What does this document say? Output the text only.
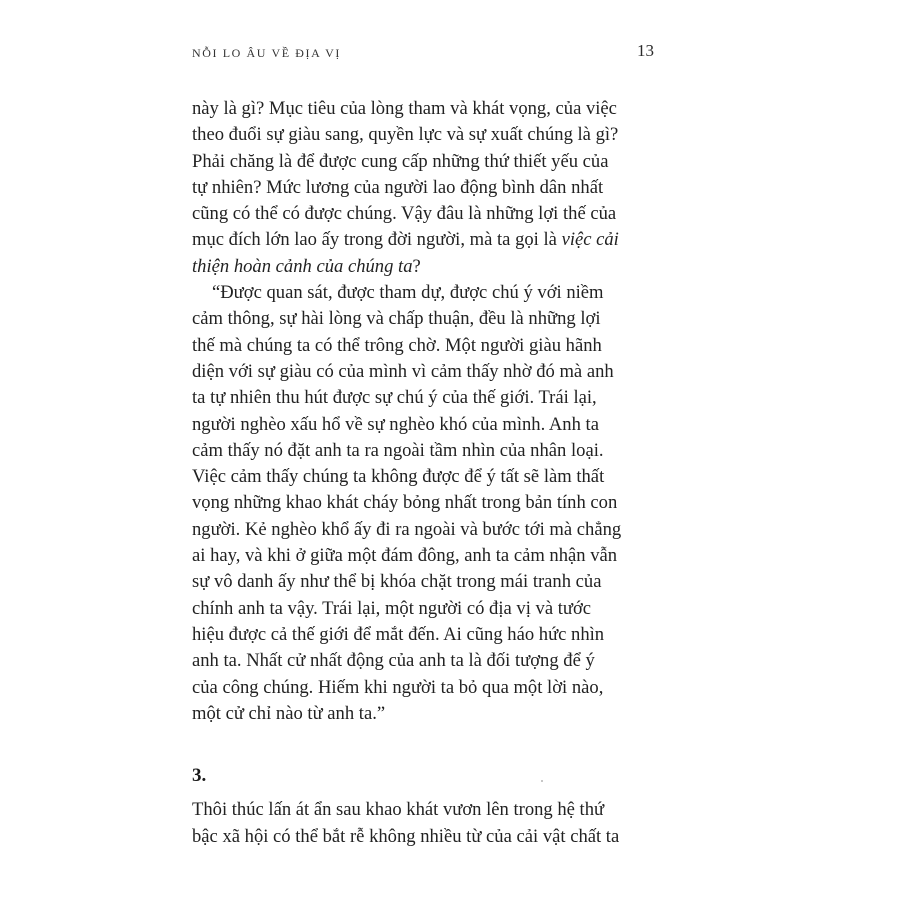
NỖI LO ÂU VỀ ĐỊA VỊ	13
này là gì? Mục tiêu của lòng tham và khát vọng, của việc
theo đuổi sự giàu sang, quyền lực và sự xuất chúng là gì?
Phải chăng là để được cung cấp những thứ thiết yếu của
tự nhiên? Mức lương của người lao động bình dân nhất
cũng có thể có được chúng. Vậy đâu là những lợi thế của
mục đích lớn lao ấy trong đời người, mà ta gọi là việc cải
thiện hoàn cảnh của chúng ta?
“Được quan sát, được tham dự, được chú ý với niềm
cảm thông, sự hài lòng và chấp thuận, đều là những lợi
thế mà chúng ta có thể trông chờ. Một người giàu hãnh
diện với sự giàu có của mình vì cảm thấy nhờ đó mà anh
ta tự nhiên thu hút được sự chú ý của thế giới. Trái lại,
người nghèo xấu hổ về sự nghèo khó của mình. Anh ta
cảm thấy nó đặt anh ta ra ngoài tầm nhìn của nhân loại.
Việc cảm thấy chúng ta không được để ý tất sẽ làm thất
vọng những khao khát cháy bỏng nhất trong bản tính con
người. Kẻ nghèo khổ ấy đi ra ngoài và bước tới mà chẳng
ai hay, và khi ở giữa một đám đông, anh ta cảm nhận vẫn
sự vô danh ấy như thể bị khóa chặt trong mái tranh của
chính anh ta vậy. Trái lại, một người có địa vị và tước
hiệu được cả thế giới để mắt đến. Ai cũng háo hức nhìn
anh ta. Nhất cử nhất động của anh ta là đối tượng để ý
của công chúng. Hiếm khi người ta bỏ qua một lời nào,
một cử chỉ nào từ anh ta.”
3.
Thôi thúc lấn át ẩn sau khao khát vươn lên trong hệ thứ
bậc xã hội có thể bắt rễ không nhiều từ của cải vật chất ta
